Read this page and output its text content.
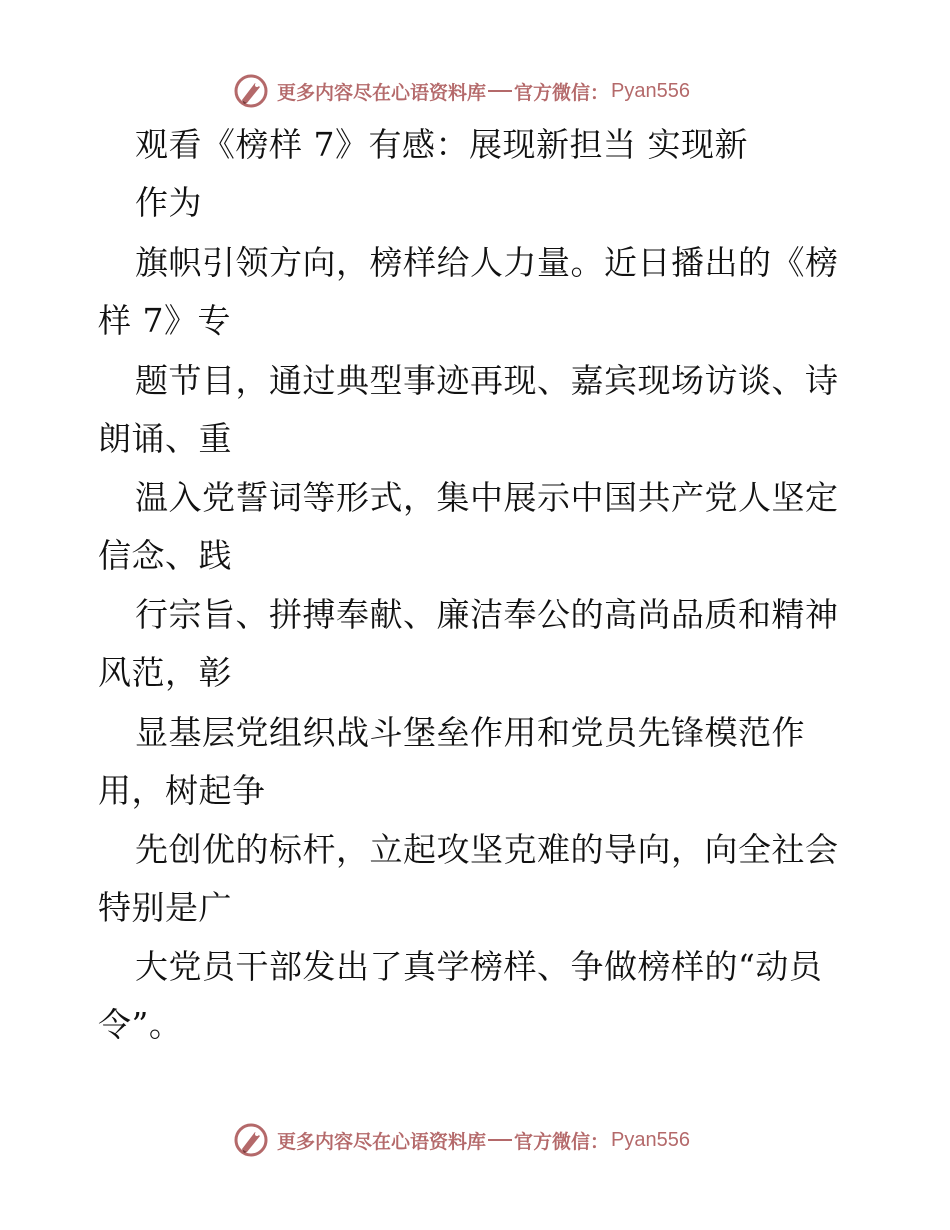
更多内容尽在心语资料库 官方微信： Pyan556
观看《榜样 7》有感：展现新担当 实现新
作为
旗帜引领方向，榜样给人力量。近日播出的《榜
样 7》专
题节目，通过典型事迹再现、嘉宾现场访谈、诗
朗诵、重
温入党誓词等形式，集中展示中国共产党人坚定
信念、践
行宗旨、拼搏奉献、廉洁奉公的高尚品质和精神
风范，彰
显基层党组织战斗堡垒作用和党员先锋模范作
用，树起争
先创优的标杆，立起攻坚克难的导向，向全社会
特别是广
大党员干部发出了真学榜样、争做榜样的“动员
令”。
更多内容尽在心语资料库 官方微信： Pyan556
